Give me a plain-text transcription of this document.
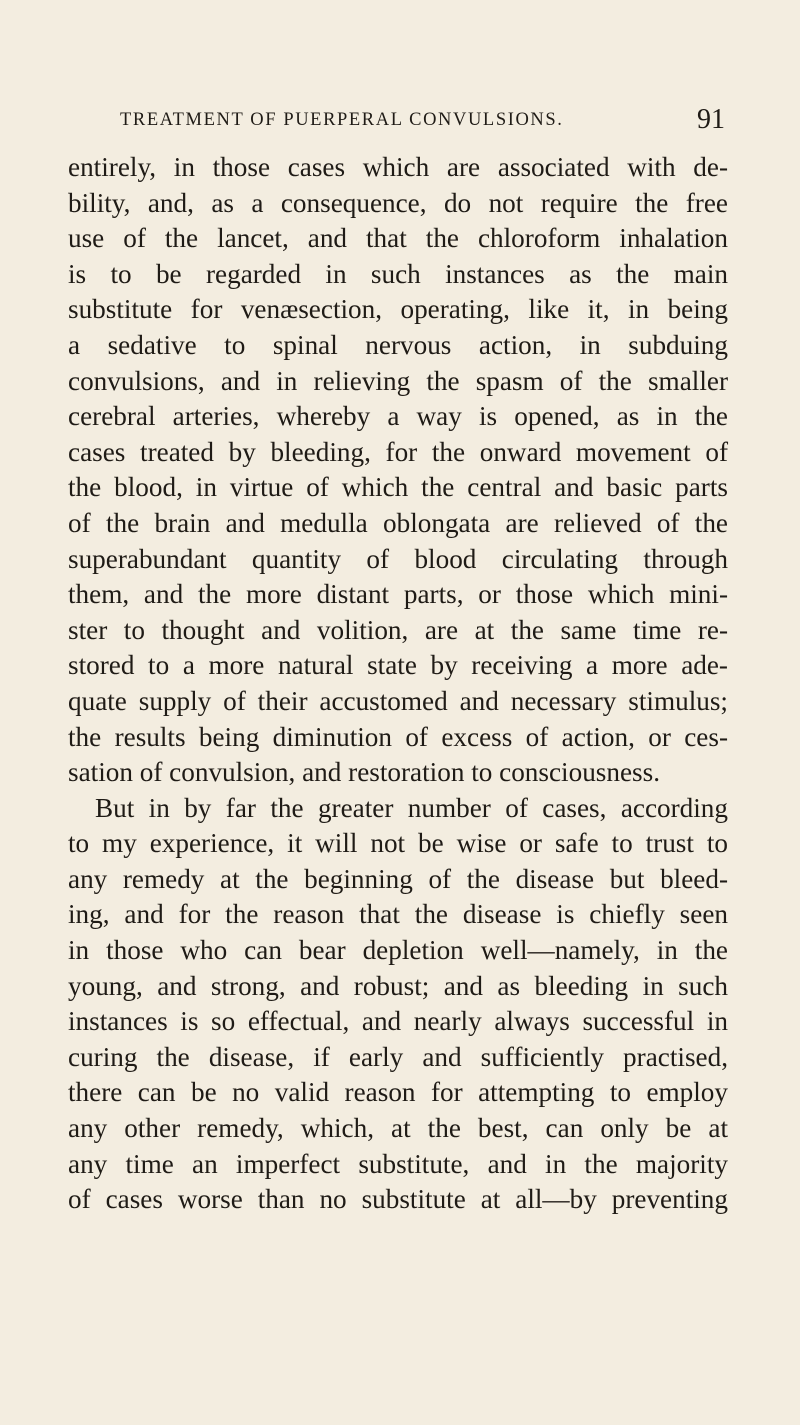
TREATMENT OF PUERPERAL CONVULSIONS.	91
entirely, in those cases which are associated with de-
bility, and, as a consequence, do not require the free
use of the lancet, and that the chloroform inhalation
is to be regarded in such instances as the main
substitute for venæsection, operating, like it, in being
a sedative to spinal nervous action, in subduing
convulsions, and in relieving the spasm of the smaller
cerebral arteries, whereby a way is opened, as in the
cases treated by bleeding, for the onward movement of
the blood, in virtue of which the central and basic parts
of the brain and medulla oblongata are relieved of the
superabundant quantity of blood circulating through
them, and the more distant parts, or those which mini-
ster to thought and volition, are at the same time re-
stored to a more natural state by receiving a more ade-
quate supply of their accustomed and necessary stimulus;
the results being diminution of excess of action, or ces-
sation of convulsion, and restoration to consciousness.
But in by far the greater number of cases, according
to my experience, it will not be wise or safe to trust to
any remedy at the beginning of the disease but bleed-
ing, and for the reason that the disease is chiefly seen
in those who can bear depletion well—namely, in the
young, and strong, and robust; and as bleeding in such
instances is so effectual, and nearly always successful in
curing the disease, if early and sufficiently practised,
there can be no valid reason for attempting to employ
any other remedy, which, at the best, can only be at
any time an imperfect substitute, and in the majority
of cases worse than no substitute at all—by preventing
